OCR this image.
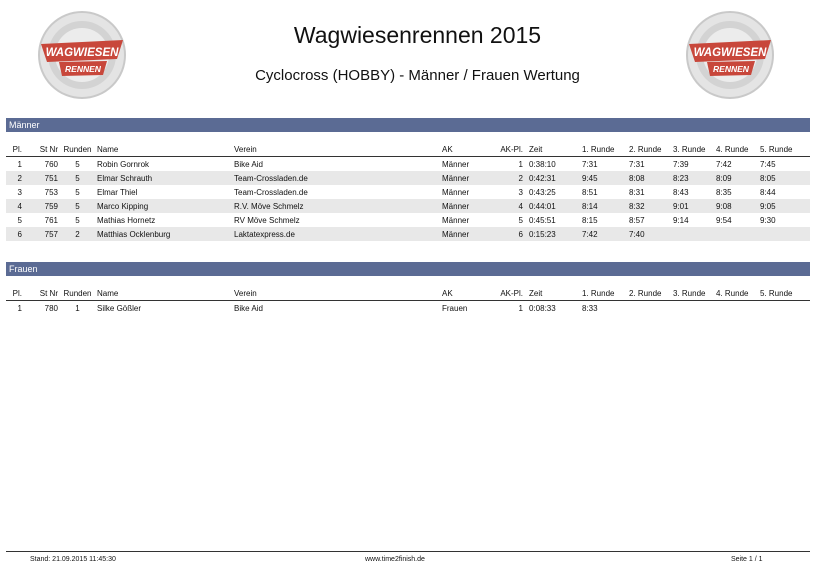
WAGWIESEN
RENNEN
WAGWIESEN
RENNEN
Wagwiesenrennen 2015
Cyclocross (HOBBY) - Männer / Frauen Wertung
Männer
Pl.	St Nr	Runden	Name	Verein	AK	AK-Pl.	Zeit	1. Runde	2. Runde	3. Runde	4. Runde	5. Runde
1	760	5	Robin Gornrok	Bike Aid	Männer	1	0:38:10	7:31	7:31	7:39	7:42	7:45
2	751	5	Elmar Schrauth	Team-Crossladen.de	Männer	2	0:42:31	9:45	8:08	8:23	8:09	8:05
3	753	5	Elmar Thiel	Team-Crossladen.de	Männer	3	0:43:25	8:51	8:31	8:43	8:35	8:44
4	759	5	Marco Kipping	R.V. Möve Schmelz	Männer	4	0:44:01	8:14	8:32	9:01	9:08	9:05
5	761	5	Mathias Hornetz	RV Möve Schmelz	Männer	5	0:45:51	8:15	8:57	9:14	9:54	9:30
6	757	2	Matthias Ocklenburg	Laktatexpress.de	Männer	6	0:15:23	7:42	7:40			
Frauen
Pl.	St Nr	Runden	Name	Verein	AK	AK-Pl.	Zeit	1. Runde	2. Runde	3. Runde	4. Runde	5. Runde
1	780	1	Silke Gößler	Bike Aid	Frauen	1	0:08:33	8:33				
Stand: 21.09.2015 11:45:30	www.time2finish.de	Seite 1 / 1
